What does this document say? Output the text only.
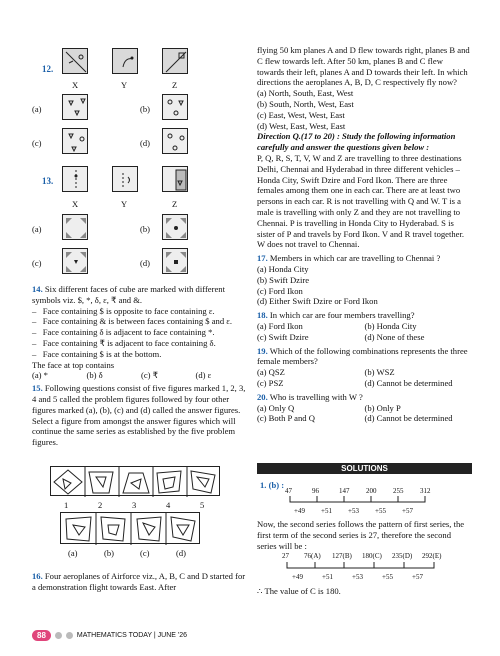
12.
X	Y	Z
(a)	(b)
(c)	(d)
13.
X	Y	Z
(a)	(b)
(c)	(d)
14. Six different faces of cube are marked with different symbols viz. $, *, δ, ε, ₹ and &.
–   Face containing $ is opposite to face containing ε.
–   Face containing & is between faces containing $ and ε.
–   Face containing δ is adjacent to face containing *.
–   Face containing ₹ is adjacent to face containing δ.
–   Face containing $ is at the bottom.
The face at top contains
(a) *	(b) δ	(c) ₹	(d) ε
15. Following questions consist of five figures marked 1, 2, 3, 4 and 5 called the problem figures followed by four other figures marked (a), (b), (c) and (d) called the answer figures. Select a figure from amongst the answer figures which will continue the same series as established by the five problem figures.
1	2	3	4	5
(a)	(b)	(c)	(d)
16. Four aeroplanes of Airforce viz., A, B, C and D started for a demonstration flight towards East. After
flying 50 km planes A and D flew towards right, planes B and C flew towards left. After 50 km, planes B and C flew towards their left, planes A and D towards their left. In which directions the aeroplanes A, B, D, C respectively fly now?
(a) North, South, East, West
(b) South, North, West, East
(c) East, West, West, East
(d) West, East, West, East
Direction Q.(17 to 20) : Study the following information carefully and answer the questions given below :
P, Q, R, S, T, V, W and Z are travelling to three destinations Delhi, Chennai and Hyderabad in three different vehicles – Honda City, Swift Dzire and Ford Ikon. There are three females among them one in each car. There are at least two persons in each car. R is not travelling with Q and W. T is a male is travelling with only Z and they are not travelling to Chennai. P is travelling in Honda City to Hyderabad. S is sister of P and travels by Ford Ikon. V and R travel together. W does not travel to Chennai.
17. Members in which car are travelling to Chennai ?
(a) Honda City
(b) Swift Dzire
(c) Ford Ikon
(d) Either Swift Dzire or Ford Ikon
18. In which car are four members travelling?
(a) Ford Ikon	(b) Honda City
(c) Swift Dzire	(d) None of these
19. Which of the following combinations represents the three female members?
(a) QSZ	(b) WSZ
(c) PSZ	(d) Cannot be determined
20. Who is travelling with W ?
(a) Only Q	(b) Only P
(c) Both P and Q	(d) Cannot be determined
SOLUTIONS
1. (b) :
47	96	147 200 255 312
+49 +51 +53 +55 +57
Now, the second series follows the pattern of first series, the first term of the second series is 27, therefore the second series will be :
27 76(A) 127(B) 180(C) 235(D) 292(E)
+49	+51	+53	+55	+57
∴ The value of C is 180.
88	MATHEMATICS TODAY | JUNE '26
